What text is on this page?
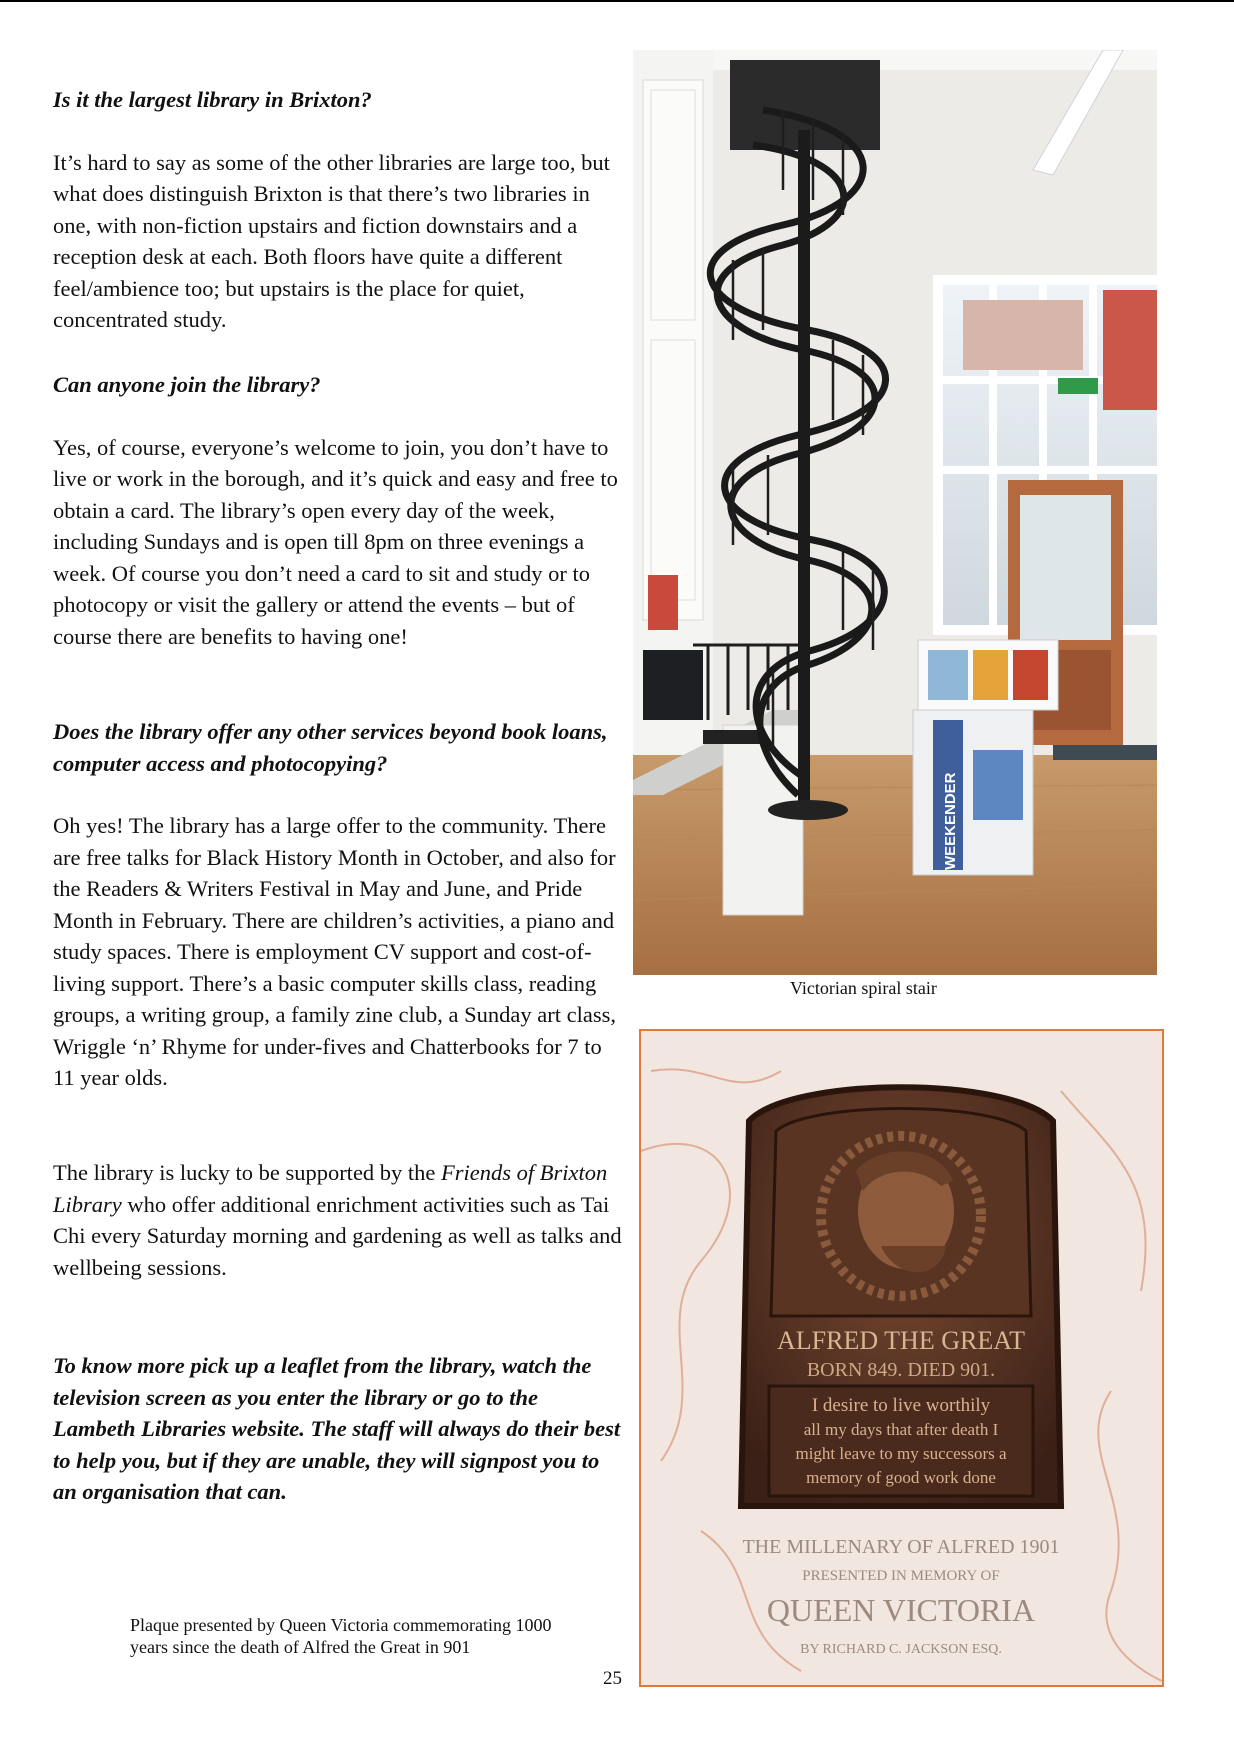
Is it the largest library in Brixton?

It’s hard to say as some of the other libraries are large too, but what does distinguish Brixton is that there’s two libraries in one, with non-fiction upstairs and fiction downstairs and a reception desk at each. Both floors have quite a different feel/ambience too; but upstairs is the place for quiet, concentrated study.

Can anyone join the library?

Yes, of course, everyone’s welcome to join, you don’t have to live or work in the borough, and it’s quick and easy and free to obtain a card. The library’s open every day of the week, including Sundays and is open till 8pm on three evenings a week. Of course you don’t need a card to sit and study or to photocopy or visit the gallery or attend the events – but of course there are benefits to having one!

Does the library offer any other services beyond book loans, computer access and photocopying?

Oh yes! The library has a large offer to the community. There are free talks for Black History Month in October, and also for the Readers & Writers Festival in May and June, and Pride Month in February. There are children’s activities, a piano and study spaces. There is employment CV support and cost-of-living support. There’s a basic computer skills class, reading groups, a writing group, a family zine club, a Sunday art class, Wriggle ‘n’ Rhyme for under-fives and Chatterbooks for 7 to 11 year olds.

The library is lucky to be supported by the Friends of Brixton Library who offer additional enrichment activities such as Tai Chi every Saturday morning and gardening as well as talks and wellbeing sessions.

To know more pick up a leaflet from the library, watch the television screen as you enter the library or go to the Lambeth Libraries website. The staff will always do their best to help you, but if they are unable, they will signpost you to an organisation that can.
WEEKENDER
Victorian spiral stair
ALFRED THE GREAT
BORN 849. DIED 901.
I desire to live worthily
all my days that after death I
might leave to my successors a
memory of good work done
THE MILLENARY OF ALFRED 1901
PRESENTED IN MEMORY OF
QUEEN VICTORIA
BY RICHARD C. JACKSON ESQ.
Plaque presented by Queen Victoria commemorating 1000
years since the death of Alfred the Great in 901
25
